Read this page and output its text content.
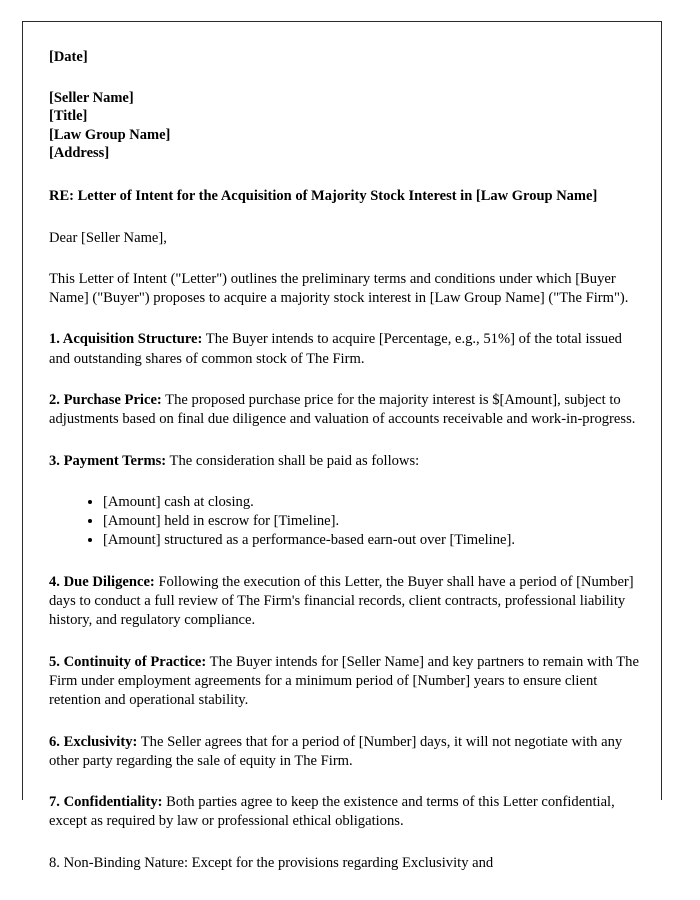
[Date]
[Seller Name]
[Title]
[Law Group Name]
[Address]
RE: Letter of Intent for the Acquisition of Majority Stock Interest in [Law Group Name]

Dear [Seller Name],

This Letter of Intent ("Letter") outlines the preliminary terms and conditions under which [Buyer Name] ("Buyer") proposes to acquire a majority stock interest in [Law Group Name] ("The Firm").

1. Acquisition Structure: The Buyer intends to acquire [Percentage, e.g., 51%] of the total issued and outstanding shares of common stock of The Firm.

2. Purchase Price: The proposed purchase price for the majority interest is $[Amount], subject to adjustments based on final due diligence and valuation of accounts receivable and work-in-progress.

3. Payment Terms: The consideration shall be paid as follows:

• [Amount] cash at closing.
• [Amount] held in escrow for [Timeline].
• [Amount] structured as a performance-based earn-out over [Timeline].

4. Due Diligence: Following the execution of this Letter, the Buyer shall have a period of [Number] days to conduct a full review of The Firm's financial records, client contracts, professional liability history, and regulatory compliance.

5. Continuity of Practice: The Buyer intends for [Seller Name] and key partners to remain with The Firm under employment agreements for a minimum period of [Number] years to ensure client retention and operational stability.

6. Exclusivity: The Seller agrees that for a period of [Number] days, it will not negotiate with any other party regarding the sale of equity in The Firm.

7. Confidentiality: Both parties agree to keep the existence and terms of this Letter confidential, except as required by law or professional ethical obligations.

8. Non-Binding Nature: Except for the provisions regarding Exclusivity and
